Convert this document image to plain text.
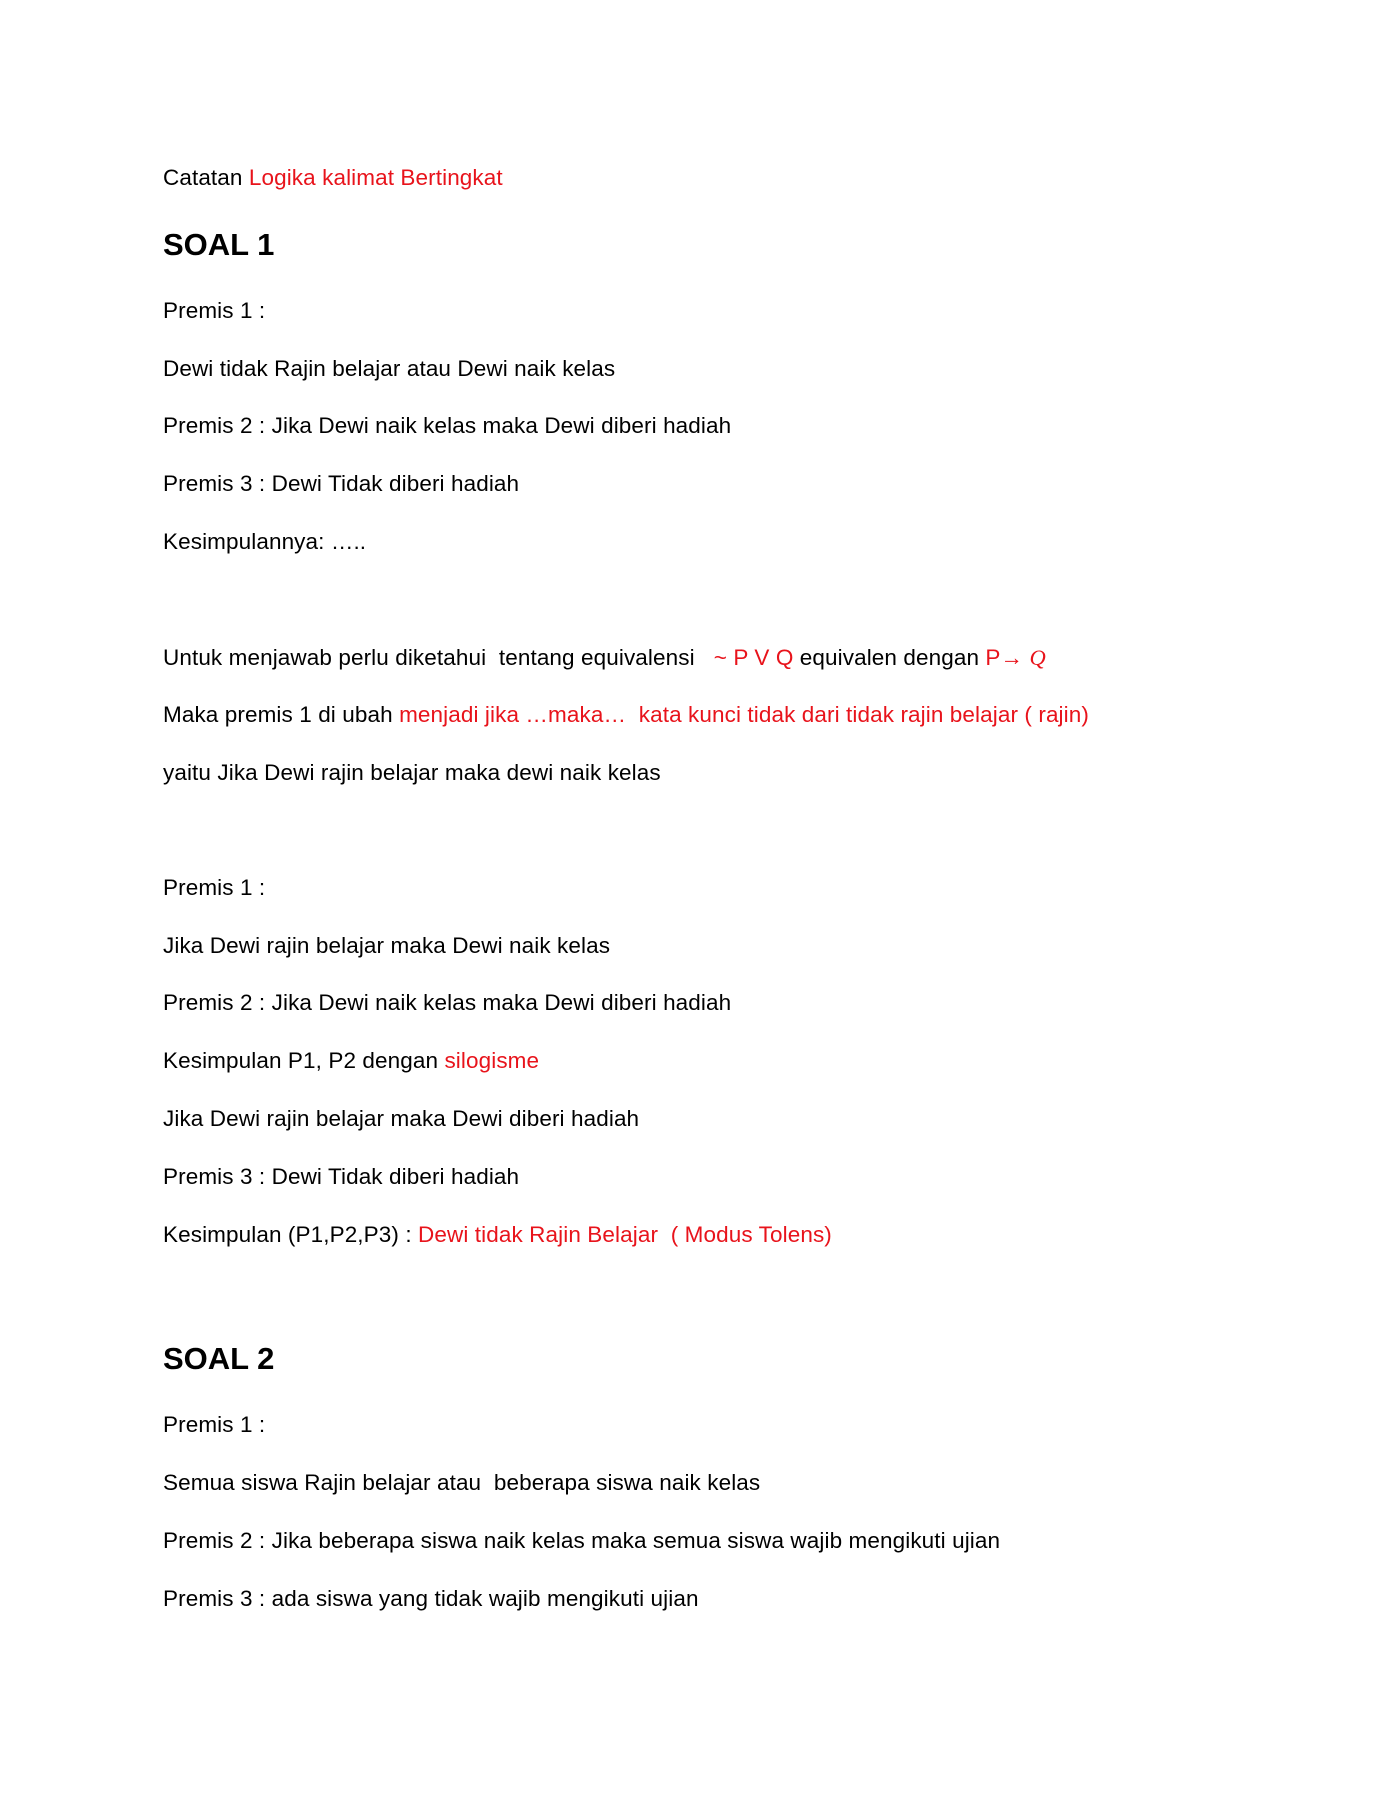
Catatan Logika kalimat Bertingkat
SOAL 1
Premis 1 :
Dewi tidak Rajin belajar atau Dewi naik kelas
Premis 2 : Jika Dewi naik kelas maka Dewi diberi hadiah
Premis 3 : Dewi Tidak diberi hadiah
Kesimpulannya: …..
Untuk menjawab perlu diketahui  tentang equivalensi   ~ P V Q equivalen dengan P→ Q
Maka premis 1 di ubah menjadi jika …maka…  kata kunci tidak dari tidak rajin belajar ( rajin)
yaitu Jika Dewi rajin belajar maka dewi naik kelas
Premis 1 :
Jika Dewi rajin belajar maka Dewi naik kelas
Premis 2 : Jika Dewi naik kelas maka Dewi diberi hadiah
Kesimpulan P1, P2 dengan silogisme
Jika Dewi rajin belajar maka Dewi diberi hadiah
Premis 3 : Dewi Tidak diberi hadiah
Kesimpulan (P1,P2,P3) : Dewi tidak Rajin Belajar  ( Modus Tolens)
SOAL 2
Premis 1 :
Semua siswa Rajin belajar atau  beberapa siswa naik kelas
Premis 2 : Jika beberapa siswa naik kelas maka semua siswa wajib mengikuti ujian
Premis 3 : ada siswa yang tidak wajib mengikuti ujian
